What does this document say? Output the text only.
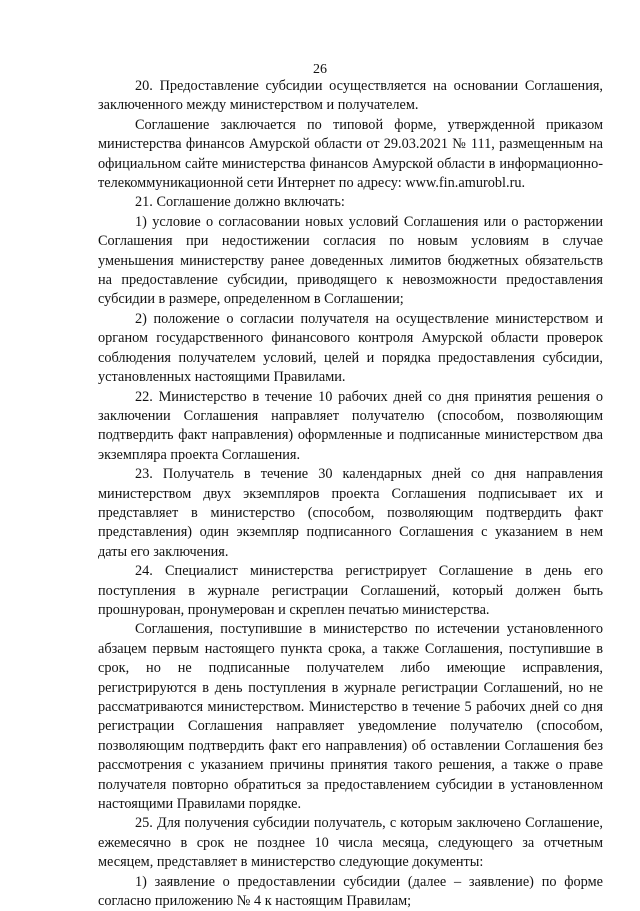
26

20. Предоставление субсидии осуществляется на основании Соглашения, заключенного между министерством и получателем.

Соглашение заключается по типовой форме, утвержденной приказом министерства финансов Амурской области от 29.03.2021 № 111, размещенным на официальном сайте министерства финансов Амурской области в информационно-телекоммуникационной сети Интернет по адресу: www.fin.amurobl.ru.

21. Соглашение должно включать:

1) условие о согласовании новых условий Соглашения или о расторжении Соглашения при недостижении согласия по новым условиям в случае уменьшения министерству ранее доведенных лимитов бюджетных обязательств на предоставление субсидии, приводящего к невозможности предоставления субсидии в размере, определенном в Соглашении;

2) положение о согласии получателя на осуществление министерством и органом государственного финансового контроля Амурской области проверок соблюдения получателем условий, целей и порядка предоставления субсидии, установленных настоящими Правилами.

22. Министерство в течение 10 рабочих дней со дня принятия решения о заключении Соглашения направляет получателю (способом, позволяющим подтвердить факт направления) оформленные и подписанные министерством два экземпляра проекта Соглашения.

23. Получатель в течение 30 календарных дней со дня направления министерством двух экземпляров проекта Соглашения подписывает их и представляет в министерство (способом, позволяющим подтвердить факт представления) один экземпляр подписанного Соглашения с указанием в нем даты его заключения.

24. Специалист министерства регистрирует Соглашение в день его поступления в журнале регистрации Соглашений, который должен быть прошнурован, пронумерован и скреплен печатью министерства.

Соглашения, поступившие в министерство по истечении установленного абзацем первым настоящего пункта срока, а также Соглашения, поступившие в срок, но не подписанные получателем либо имеющие исправления, регистрируются в день поступления в журнале регистрации Соглашений, но не рассматриваются министерством. Министерство в течение 5 рабочих дней со дня регистрации Соглашения направляет уведомление получателю (способом, позволяющим подтвердить факт его направления) об оставлении Соглашения без рассмотрения с указанием причины принятия такого решения, а также о праве получателя повторно обратиться за предоставлением субсидии в установленном настоящими Правилами порядке.

25. Для получения субсидии получатель, с которым заключено Соглашение, ежемесячно в срок не позднее 10 числа месяца, следующего за отчетным месяцем, представляет в министерство следующие документы:

1) заявление о предоставлении субсидии (далее – заявление) по форме согласно приложению № 4 к настоящим Правилам;
